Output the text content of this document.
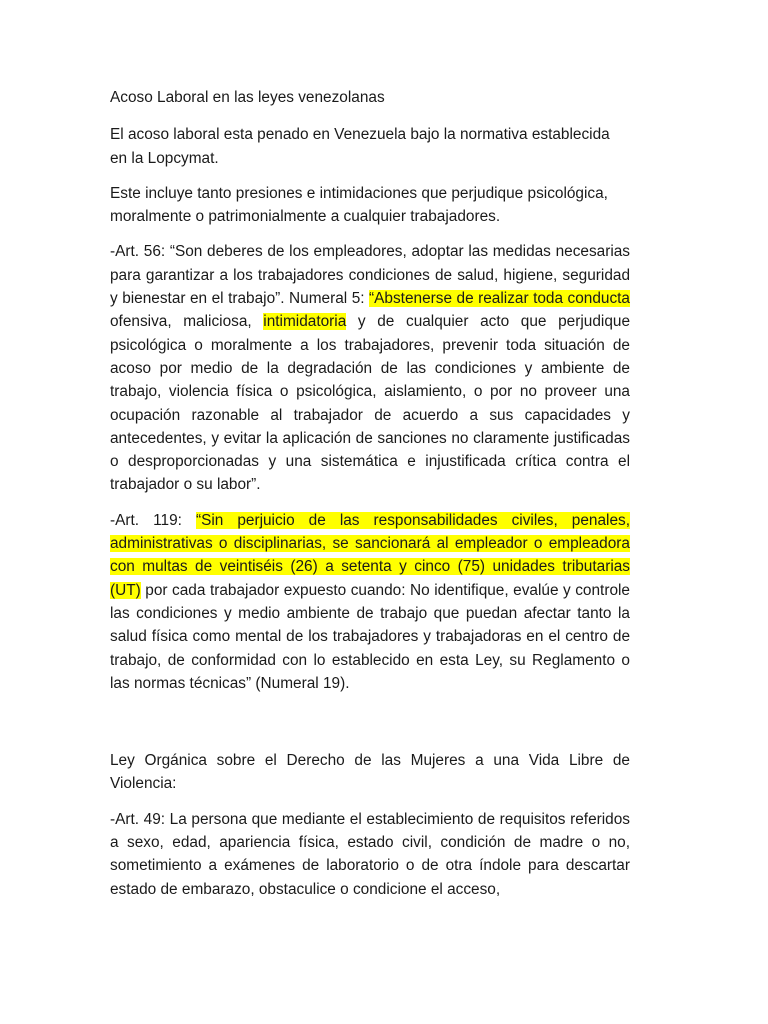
Acoso Laboral en las leyes venezolanas

El acoso laboral esta penado en Venezuela bajo la normativa establecida en la Lopcymat.

Este incluye tanto presiones e intimidaciones que perjudique psicológica, moralmente o patrimonialmente a cualquier trabajadores.

-Art. 56: “Son deberes de los empleadores, adoptar las medidas necesarias para garantizar a los trabajadores condiciones de salud, higiene, seguridad y bienestar en el trabajo”. Numeral 5: “Abstenerse de realizar toda conducta ofensiva, maliciosa, intimidatoria y de cualquier acto que perjudique psicológica o moralmente a los trabajadores, prevenir toda situación de acoso por medio de la degradación de las condiciones y ambiente de trabajo, violencia física o psicológica, aislamiento, o por no proveer una ocupación razonable al trabajador de acuerdo a sus capacidades y antecedentes, y evitar la aplicación de sanciones no claramente justificadas o desproporcionadas y una sistemática e injustificada crítica contra el trabajador o su labor”.

-Art. 119: “Sin perjuicio de las responsabilidades civiles, penales, administrativas o disciplinarias, se sancionará al empleador o empleadora con multas de veintiséis (26) a setenta y cinco (75) unidades tributarias (UT) por cada trabajador expuesto cuando: No identifique, evalúe y controle las condiciones y medio ambiente de trabajo que puedan afectar tanto la salud física como mental de los trabajadores y trabajadoras en el centro de trabajo, de conformidad con lo establecido en esta Ley, su Reglamento o las normas técnicas” (Numeral 19).

Ley Orgánica sobre el Derecho de las Mujeres a una Vida Libre de Violencia:

-Art. 49: La persona que mediante el establecimiento de requisitos referidos a sexo, edad, apariencia física, estado civil, condición de madre o no, sometimiento a exámenes de laboratorio o de otra índole para descartar estado de embarazo, obstaculice o condicione el acceso,
